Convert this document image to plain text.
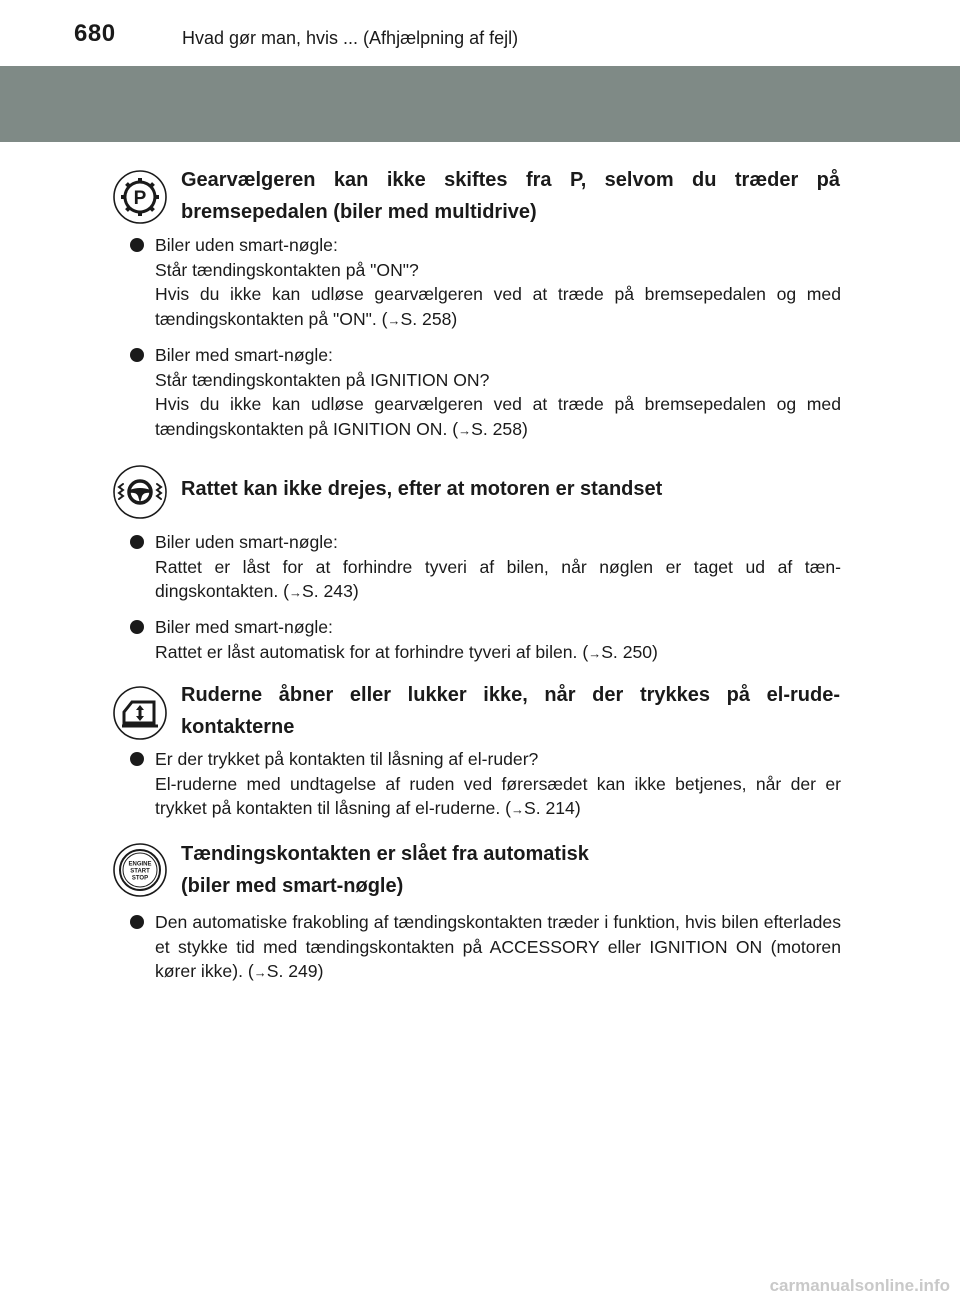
680	Hvad gør man, hvis ... (Afhjælpning af fejl)
P
Gearvælgeren kan ikke skiftes fra P, selvom du træder på bremsepedalen (biler med multidrive)

Biler uden smart-nøgle:

Står tændingskontakten på "ON"?

Hvis du ikke kan udløse gearvælgeren ved at træde på bremsepedalen og med tændingskontakten på "ON". (→S. 258)

Biler med smart-nøgle:

Står tændingskontakten på IGNITION ON?

Hvis du ikke kan udløse gearvælgeren ved at træde på bremsepedalen og med tændingskontakten på IGNITION ON. (→S. 258)

Rattet kan ikke drejes, efter at motoren er standset

Biler uden smart-nøgle:

Rattet er låst for at forhindre tyveri af bilen, når nøglen er taget ud af tæn-dingskontakten. (→S. 243)

Biler med smart-nøgle:

Rattet er låst automatisk for at forhindre tyveri af bilen. (→S. 250)

Ruderne åbner eller lukker ikke, når der trykkes på el-rude-kontakterne

Er der trykket på kontakten til låsning af el-ruder?

El-ruderne med undtagelse af ruden ved førersædet kan ikke betjenes, når der er trykket på kontakten til låsning af el-ruderne. (→S. 214)

ENGINE
START
STOP
Tændingskontakten er slået fra automatisk
(biler med smart-nøgle)

Den automatiske frakobling af tændingskontakten træder i funktion, hvis bilen efterlades et stykke tid med tændingskontakten på ACCESSORY eller IGNITION ON (motoren kører ikke). (→S. 249)

carmanualsonline.info
